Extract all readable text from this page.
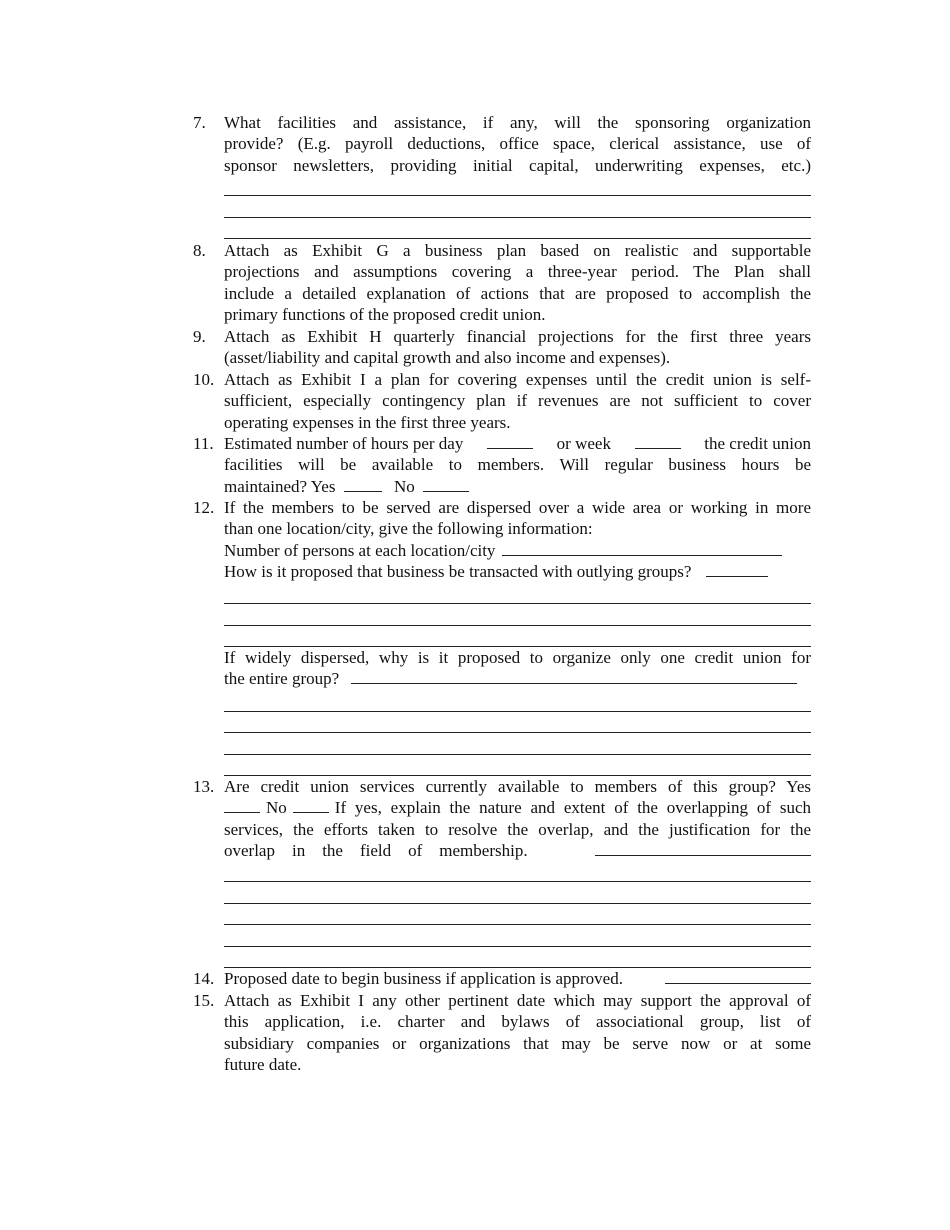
7.	What facilities and assistance, if any, will the sponsoring organization
provide? (E.g. payroll deductions, office space, clerical assistance, use of
sponsor newsletters, providing initial capital, underwriting expenses, etc.)
8.	Attach as Exhibit G a business plan based on realistic and supportable
projections and assumptions covering a three-year period. The Plan shall
include a detailed explanation of actions that are proposed to accomplish the
primary functions of the proposed credit union.
9.	Attach as Exhibit H quarterly financial projections for the first three years
(asset/liability and capital growth and also income and expenses).
10. Attach as Exhibit I a plan for covering expenses until the credit union is self-
sufficient, especially contingency plan if revenues are not sufficient to cover
operating expenses in the first three years.
11. Estimated number of hours per day	or week	the credit union
facilities will be available to members. Will regular business hours be
maintained? Yes	No
12. If the members to be served are dispersed over a wide area or working in more
than one location/city, give the following information:
Number of persons at each location/city
How is it proposed that business be transacted with outlying groups?
If widely dispersed, why is it proposed to organize only one credit union for
the entire group?
13. Are credit union services currently available to members of this group? Yes
No	If yes, explain the nature and extent of the overlapping of such
services, the efforts taken to resolve the overlap, and the justification for the
overlap    in    the    field    of    membership.
14. Proposed date to begin business if application is approved.
15. Attach as Exhibit I any other pertinent date which may support the approval of
this application, i.e. charter and bylaws of associational group, list of
subsidiary companies or organizations that may be serve now or at some
future date.
